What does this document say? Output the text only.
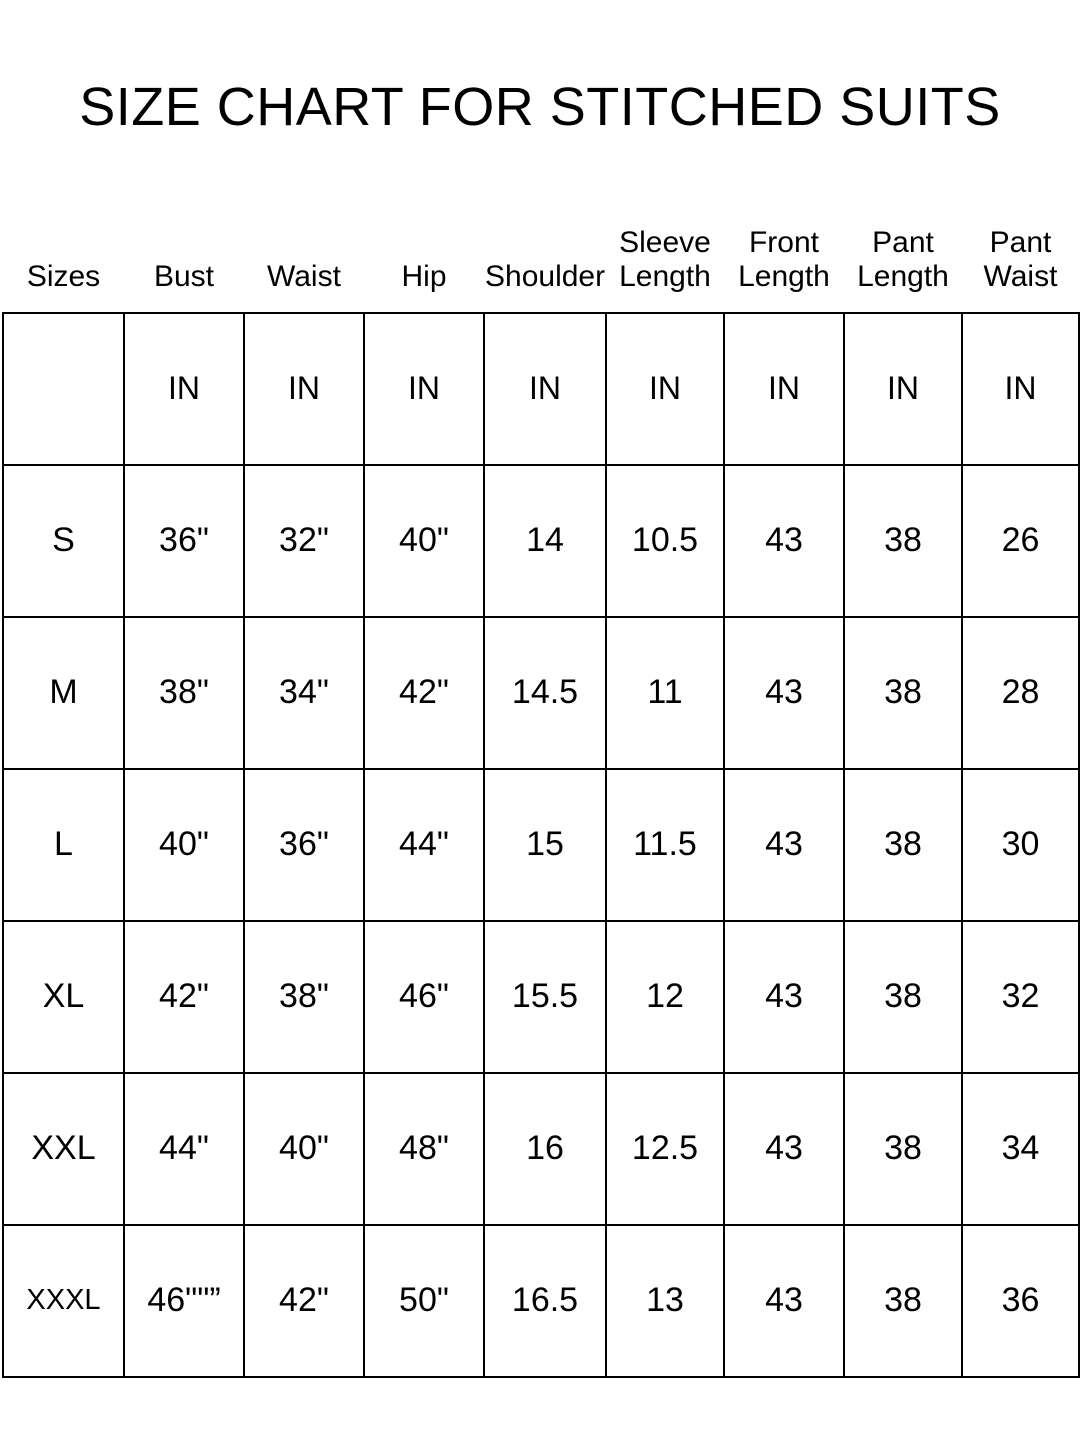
SIZE CHART FOR STITCHED SUITS
Sizes	Bust	Waist	Hip	Shoulder	Sleeve Length	Front Length	Pant Length	Pant Waist
	IN	IN	IN	IN	IN	IN	IN	IN
S	36"	32"	40"	14	10.5	43	38	26
M	38"	34"	42"	14.5	11	43	38	28
L	40"	36"	44"	15	11.5	43	38	30
XL	42"	38"	46"	15.5	12	43	38	32
XXL	44"	40"	48"	16	12.5	43	38	34
XXXL	46""”	42"	50"	16.5	13	43	38	36
